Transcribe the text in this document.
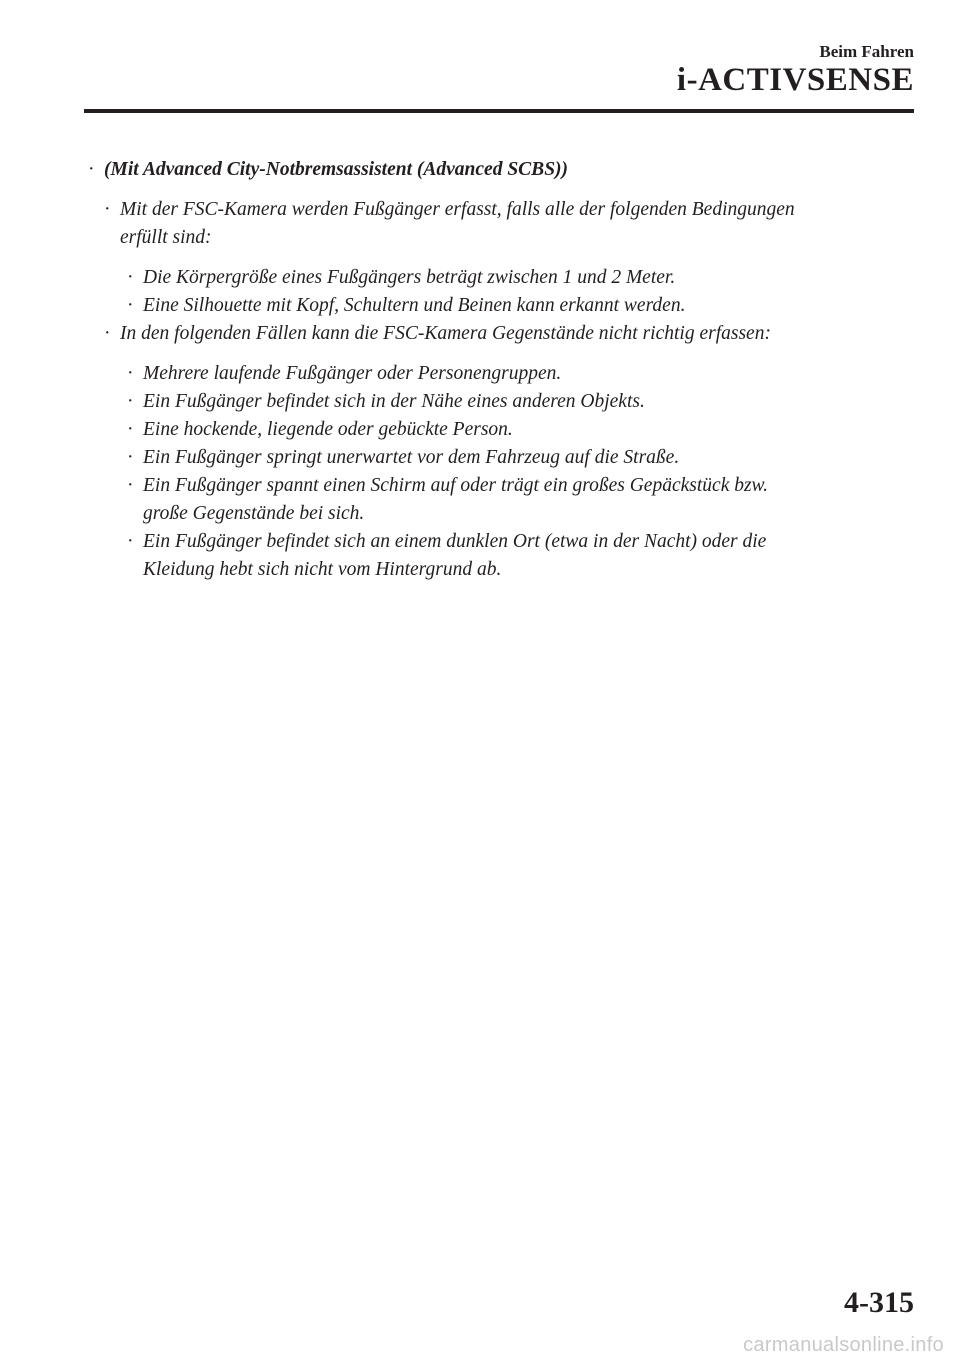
Beim Fahren
i-ACTIVSENSE
· (Mit Advanced City-Notbremsassistent (Advanced SCBS))
· Mit der FSC-Kamera werden Fußgänger erfasst, falls alle der folgenden Bedingungen
erfüllt sind:
· Die Körpergröße eines Fußgängers beträgt zwischen 1 und 2 Meter.
· Eine Silhouette mit Kopf, Schultern und Beinen kann erkannt werden.
· In den folgenden Fällen kann die FSC-Kamera Gegenstände nicht richtig erfassen:
· Mehrere laufende Fußgänger oder Personengruppen.
· Ein Fußgänger befindet sich in der Nähe eines anderen Objekts.
· Eine hockende, liegende oder gebückte Person.
· Ein Fußgänger springt unerwartet vor dem Fahrzeug auf die Straße.
· Ein Fußgänger spannt einen Schirm auf oder trägt ein großes Gepäckstück bzw.
große Gegenstände bei sich.
· Ein Fußgänger befindet sich an einem dunklen Ort (etwa in der Nacht) oder die
Kleidung hebt sich nicht vom Hintergrund ab.
4-315
carmanualsonline.info
